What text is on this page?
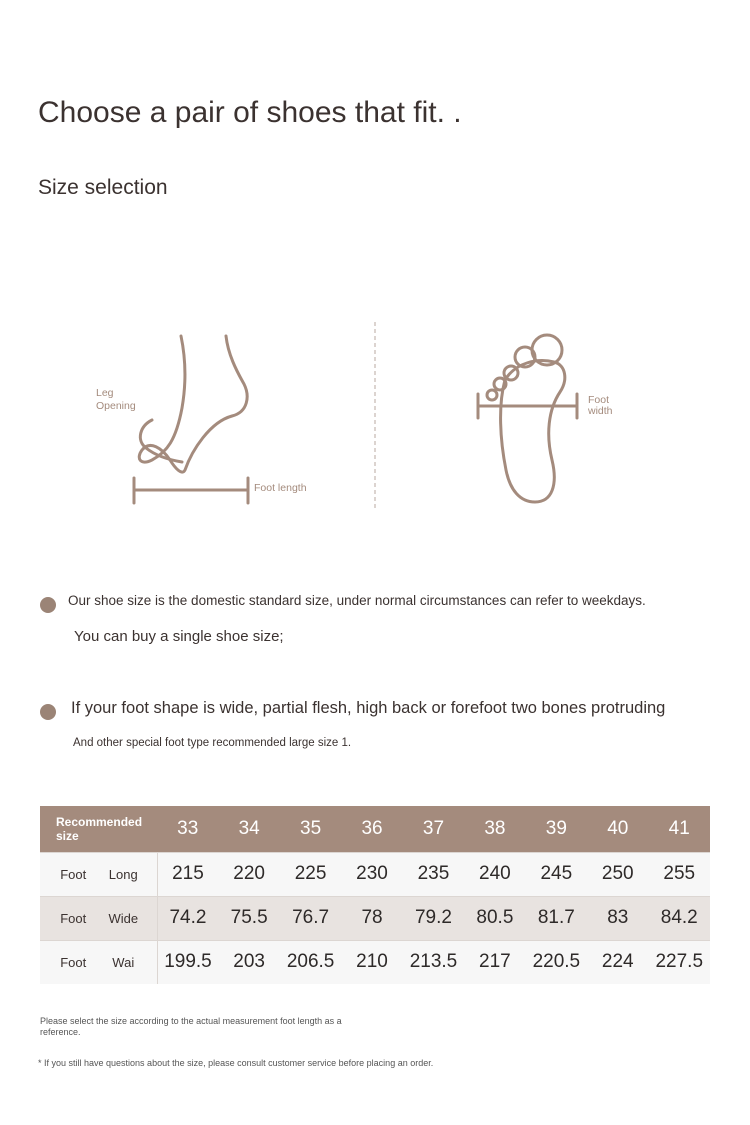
Choose a pair of shoes that fit. .
Size selection
Leg
Opening
Foot length
Foot
width
Our shoe size is the domestic standard size, under normal circumstances can refer to weekdays.
You can buy a single shoe size;
If your foot shape is wide, partial flesh, high back or forefoot two bones protruding
And other special foot type recommended large size 1.
Recommended size	33	34	35	36	37	38	39	40	41
Foot Long	215	220	225	230	235	240	245	250	255
Foot Wide	74.2	75.5	76.7	78	79.2	80.5	81.7	83	84.2
Foot Wai	199.5	203	206.5	210	213.5	217	220.5	224	227.5
Please select the size according to the actual measurement foot length as a reference.
* If you still have questions about the size, please consult customer service before placing an order.
